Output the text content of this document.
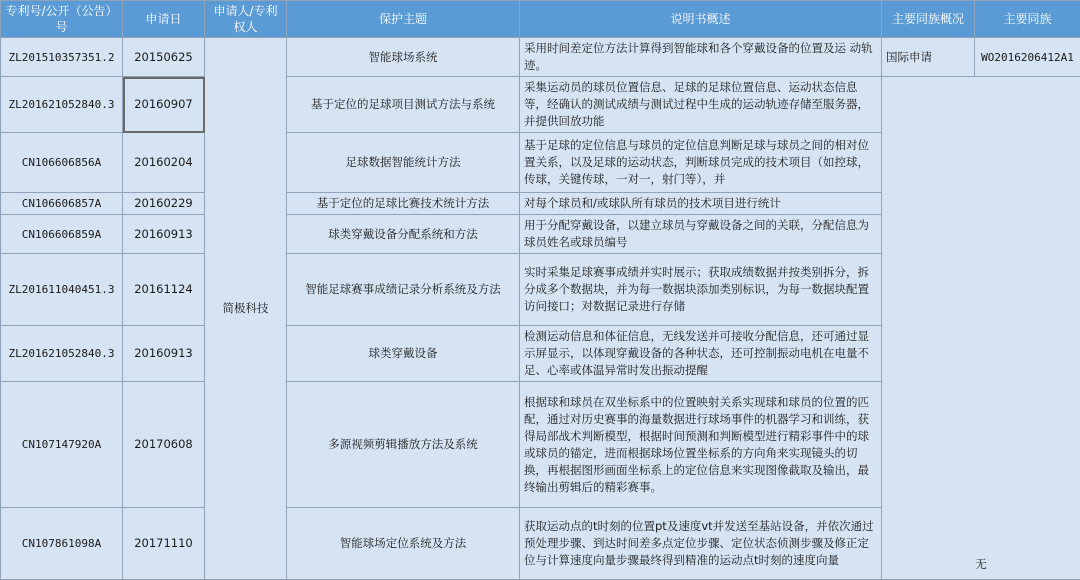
专利号/公开（公告）号	申请日	申请人/专利权人	保护主题	说明书概述	主要同族概况	主要同族
ZL201510357351.2	20150625	简极科技	智能球场系统	采用时间差定位方法计算得到智能球和各个穿戴设备的位置及运 动轨迹。	国际申请	WO2016206412A1
ZL201621052840.3	20160907		基于定位的足球项目测试方法与系统	采集运动员的球员位置信息、足球的足球位置信息、运动状态信息等，经确认的测试成绩与测试过程中生成的运动轨迹存储至服务器，并提供回放功能	无	
CN106606856A	20160204		足球数据智能统计方法	基于足球的定位信息与球员的定位信息判断足球与球员之间的相对位置关系，以及足球的运动状态，判断球员完成的技术项目（如控球，传球，关键传球，一对一，射门等），并		
CN106606857A	20160229		基于定位的足球比赛技术统计方法	对每个球员和/或球队所有球员的技术项目进行统计		
CN106606859A	20160913		球类穿戴设备分配系统和方法	用于分配穿戴设备，以建立球员与穿戴设备之间的关联，分配信息为球员姓名或球员编号		
ZL201611040451.3	20161124		智能足球赛事成绩记录分析系统及方法	实时采集足球赛事成绩并实时展示；获取成绩数据并按类别拆分，拆分成多个数据块，并为每一数据块添加类别标识，为每一数据块配置访问接口；对数据记录进行存储		
ZL201621052840.3	20160913		球类穿戴设备	检测运动信息和体征信息，无线发送并可接收分配信息，还可通过显示屏显示，以体现穿戴设备的各种状态，还可控制振动电机在电量不足、心率或体温异常时发出振动提醒		
CN107147920A	20170608		多源视频剪辑播放方法及系统	根据球和球员在双坐标系中的位置映射关系实现球和球员的位置的匹配，通过对历史赛事的海量数据进行球场事件的机器学习和训练，获得局部战术判断模型，根据时间预测和判断模型进行精彩事件中的球或球员的锚定，进而根据球场位置坐标系的方向角来实现镜头的切换，再根据图形画面坐标系上的定位信息来实现图像截取及输出，最终输出剪辑后的精彩赛事。		
CN107861098A	20171110		智能球场定位系统及方法	获取运动点的t时刻的位置pt及速度vt并发送至基站设备，并依次通过预处理步骤、到达时间差多点定位步骤、定位状态侦测步骤及修正定位与计算速度向量步骤最终得到精准的运动点t时刻的速度向量		
